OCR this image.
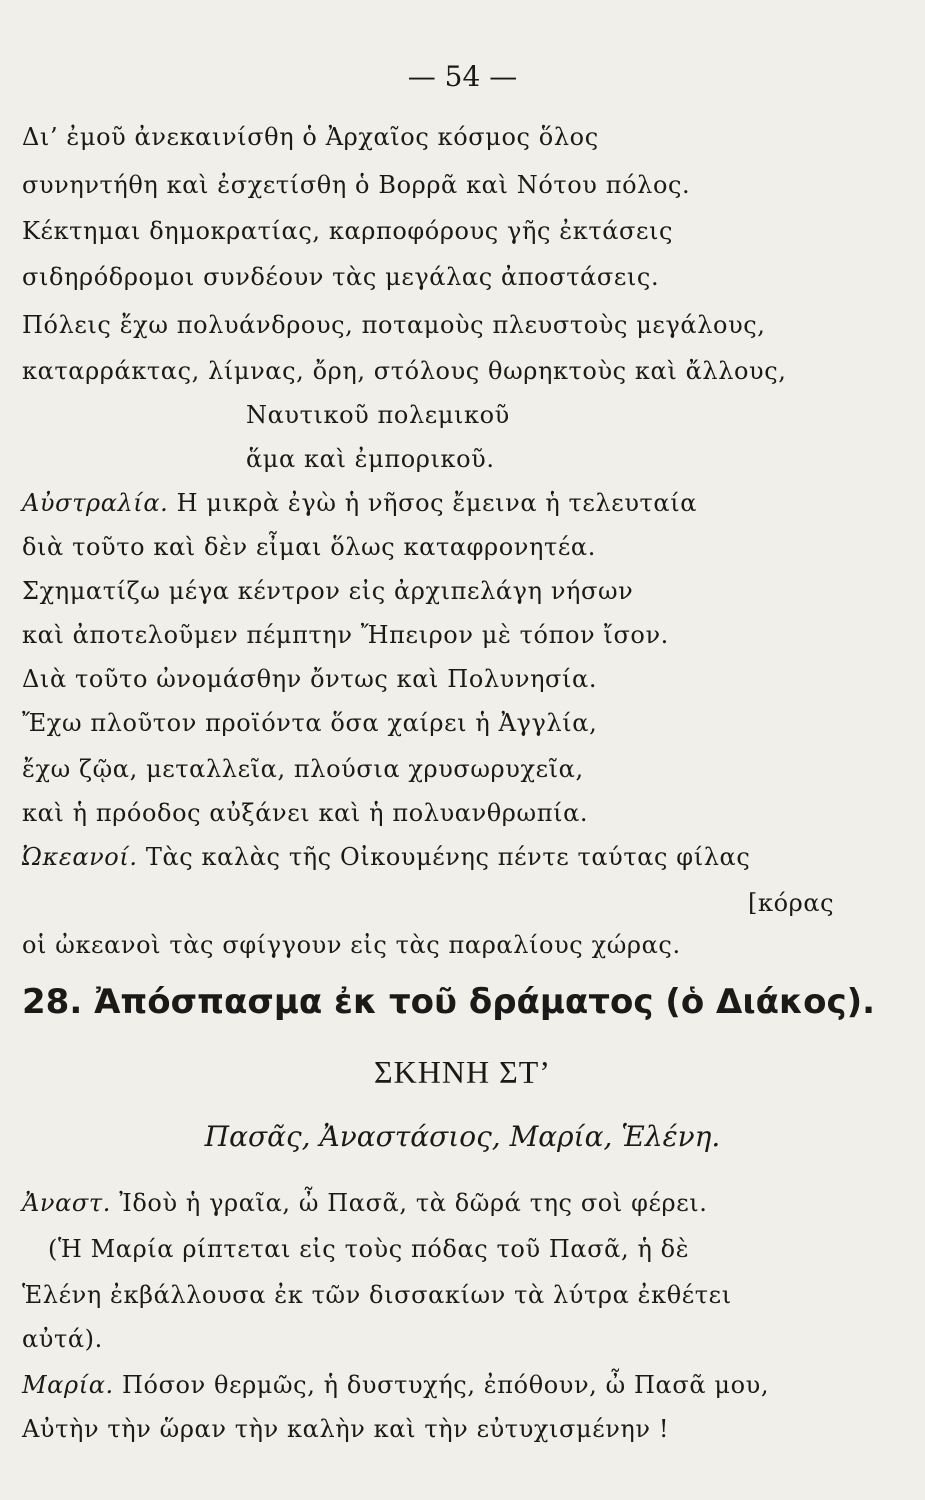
— 54 —
Δι’ ἐμοῦ ἀνεκαινίσθη ὁ Ἀρχαῖος κόσμος ὅλος
συνηντήθη καὶ ἐσχετίσθη ὁ Βορρᾶ καὶ Νότου πόλος.
Κέκτημαι δημοκρατίας, καρποφόρους γῆς ἐκτάσεις
σιδηρόδρομοι συνδέουν τὰς μεγάλας ἀποστάσεις.
Πόλεις ἔχω πολυάνδρους, ποταμοὺς πλευστοὺς μεγάλους,
καταρράκτας, λίμνας, ὄρη, στόλους θωρηκτοὺς καὶ ἄλλους,
Ναυτικοῦ πολεμικοῦ
ἅμα καὶ ἐμπορικοῦ.
Αὐστραλία. Η μικρὰ ἐγὼ ἡ νῆσος ἔμεινα ἡ τελευταία
διὰ τοῦτο καὶ δὲν εἶμαι ὅλως καταφρονητέα.
Σχηματίζω μέγα κέντρον εἰς ἀρχιπελάγη νήσων
καὶ ἀποτελοῦμεν πέμπτην Ἤπειρον μὲ τόπον ἴσον.
Διὰ τοῦτο ὠνομάσθην ὄντως καὶ Πολυνησία.
Ἔχω πλοῦτον προϊόντα ὅσα χαίρει ἡ Ἀγγλία,
ἔχω ζῷα, μεταλλεῖα, πλούσια χρυσωρυχεῖα,
καὶ ἡ πρόοδος αὐξάνει καὶ ἡ πολυανθρωπία.
Ὠκεανοί. Τὰς καλὰς τῆς Οἰκουμένης πέντε ταύτας φίλας
[κόρας
οἱ ὠκεανοὶ τὰς σφίγγουν εἰς τὰς παραλίους χώρας.
28. Ἀπόσπασμα ἐκ τοῦ δράματος (ὁ Διάκος).
ΣΚΗΝΗ ΣΤ’
Πασᾶς, Ἀναστάσιος, Μαρία, Ἑλένη.
Ἀναστ. Ἰδοὺ ἡ γραῖα, ὦ Πασᾶ, τὰ δῶρά της σοὶ φέρει.
(Ἡ Μαρία ρίπτεται εἰς τοὺς πόδας τοῦ Πασᾶ, ἡ δὲ
Ἑλένη ἐκβάλλουσα ἐκ τῶν δισσακίων τὰ λύτρα ἐκθέτει
αὐτά).
Μαρία. Πόσον θερμῶς, ἡ δυστυχής, ἐπόθουν, ὦ Πασᾶ μου,
Αὐτὴν τὴν ὥραν τὴν καλὴν καὶ τὴν εὐτυχισμένην !
